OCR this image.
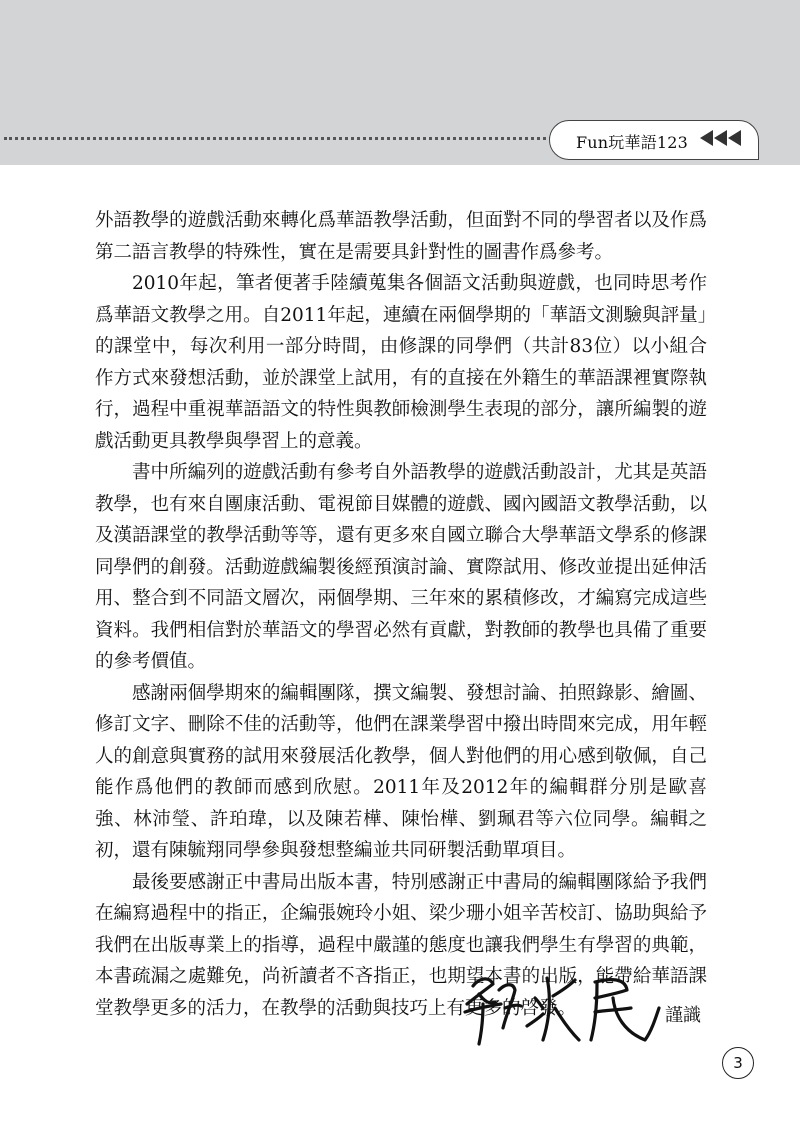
Fun玩華語123

外語教學的遊戲活動來轉化爲華語教學活動，但面對不同的學習者以及作爲第二語言教學的特殊性，實在是需要具針對性的圖書作爲參考。

2010年起，筆者便著手陸續蒐集各個語文活動與遊戲，也同時思考作爲華語文教學之用。自2011年起，連續在兩個學期的「華語文測驗與評量」的課堂中，每次利用一部分時間，由修課的同學們（共計83位）以小組合作方式來發想活動，並於課堂上試用，有的直接在外籍生的華語課裡實際執行，過程中重視華語語文的特性與教師檢測學生表現的部分，讓所編製的遊戲活動更具教學與學習上的意義。

書中所編列的遊戲活動有參考自外語教學的遊戲活動設計，尤其是英語教學，也有來自團康活動、電視節目媒體的遊戲、國內國語文教學活動，以及漢語課堂的教學活動等等，還有更多來自國立聯合大學華語文學系的修課同學們的創發。活動遊戲編製後經預演討論、實際試用、修改並提出延伸活用、整合到不同語文層次，兩個學期、三年來的累積修改，才編寫完成這些資料。我們相信對於華語文的學習必然有貢獻，對教師的教學也具備了重要的參考價值。

感謝兩個學期來的編輯團隊，撰文編製、發想討論、拍照錄影、繪圖、修訂文字、刪除不佳的活動等，他們在課業學習中撥出時間來完成，用年輕人的創意與實務的試用來發展活化教學，個人對他們的用心感到敬佩，自己能作爲他們的教師而感到欣慰。2011年及2012年的編輯群分別是歐喜強、林沛瑩、許珀瑋，以及陳若樺、陳怡樺、劉珮君等六位同學。編輯之初，還有陳毓翔同學參與發想整編並共同研製活動單項目。

最後要感謝正中書局出版本書，特別感謝正中書局的編輯團隊給予我們在編寫過程中的指正，企編張婉玲小姐、梁少珊小姐辛苦校訂、協助與給予我們在出版專業上的指導，過程中嚴謹的態度也讓我們學生有學習的典範，本書疏漏之處難免，尚祈讀者不吝指正，也期望本書的出版，能帶給華語課堂教學更多的活力，在教學的活動與技巧上有更多的啓發。	謹識
3
